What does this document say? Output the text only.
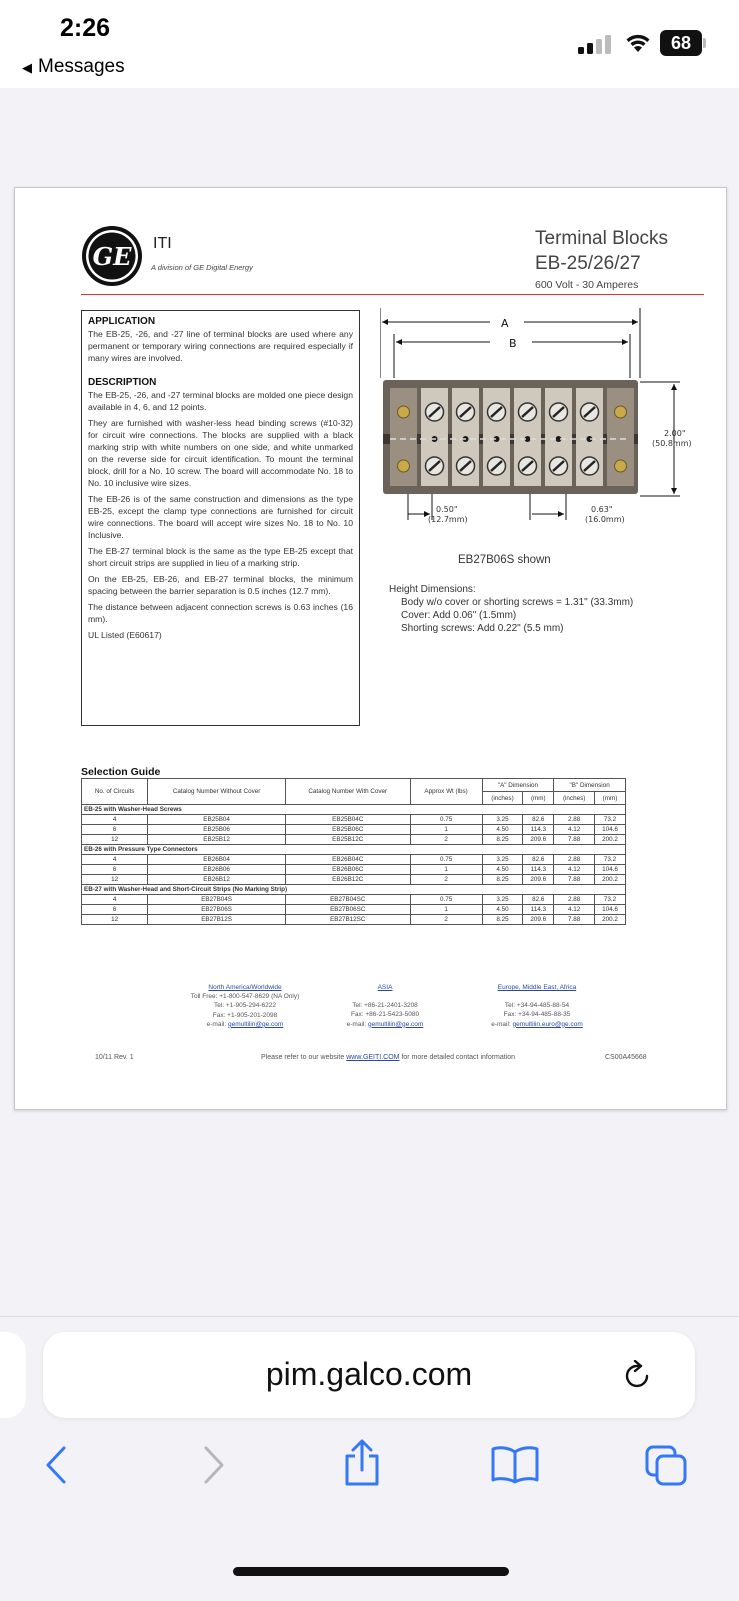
2:26
◀ Messages
68
GE ITI
A division of GE Digital Energy
Terminal Blocks
EB-25/26/27
600 Volt - 30 Amperes
APPLICATION

The EB-25, -26, and -27 line of terminal blocks are used where any permanent or temporary wiring connections are required especially if many wires are involved.

DESCRIPTION

The EB-25, -26, and -27 terminal blocks are molded one piece design available in 4, 6, and 12 points.

They are furnished with washer-less head binding screws (#10-32) for circuit wire connections. The blocks are supplied with a black marking strip with white numbers on one side, and white unmarked on the reverse side for circuit identification. To mount the terminal block, drill for a No. 10 screw. The board will accommodate No. 18 to No. 10 inclusive wire sizes.

The EB-26 is of the same construction and dimensions as the type EB-25, except the clamp type connections are furnished for circuit wire connections. The board will accept wire sizes No. 18 to No. 10 Inclusive.

The EB-27 terminal block is the same as the type EB-25 except that short circuit strips are supplied in lieu of a marking strip.

On the EB-25, EB-26, and EB-27 terminal blocks, the minimum spacing between the barrier separation is 0.5 inches (12.7 mm).

The distance between adjacent connection screws is 0.63 inches (16 mm).

UL Listed (E60617)

A
B
2.00"
(50.8mm)
0.50"
(12.7mm)
0.63"
(16.0mm)
EB27B06S shown
Height Dimensions:
Body w/o cover or shorting screws = 1.31" (33.3mm)
Cover: Add 0.06" (1.5mm)
Shorting screws: Add 0.22" (5.5 mm)
Selection Guide
No. of Circuits	Catalog Number Without Cover	Catalog Number With Cover	Approx Wt (lbs)	"A" Dimension		"B" Dimension	
				(inches)	(mm)	(inches)	(mm)
EB-25 with Washer-Head Screws							
4	EB25B04	EB25B04C	0.75	3.25	82.6	2.88	73.2
6	EB25B06	EB25B06C	1	4.50	114.3	4.12	104.6
12	EB25B12	EB25B12C	2	8.25	209.6	7.88	200.2
EB-26 with Pressure Type Connectors							
4	EB26B04	EB26B04C	0.75	3.25	82.6	2.88	73.2
6	EB26B06	EB26B06C	1	4.50	114.3	4.12	104.6
12	EB26B12	EB26B12C	2	8.25	209.6	7.88	200.2
EB-27 with Washer-Head and Short-Circuit Strips (No Marking Strip)							
4	EB27B04S	EB27B04SC	0.75	3.25	82.6	2.88	73.2
6	EB27B06S	EB27B06SC	1	4.50	114.3	4.12	104.6
12	EB27B12S	EB27B12SC	2	8.25	209.6	7.88	200.2
North America/Worldwide
Toll Free: +1-800-547-8629 (NA Only)
Tel: +1-905-294-6222
Fax: +1-905-201-2098
e-mail: gemultilin@ge.com
ASIA
Tel: +86-21-2401-3208
Fax: +86-21-5423-5080
e-mail: gemultilin@ge.com
Europe, Middle East, Africa
Tel: +34-94-485-88-54
Fax: +34-94-485-88-35
e-mail: gemultilin.euro@ge.com
10/11 Rev. 1	Please refer to our website www.GEITI.COM for more detailed contact information	CS00A45668
pim.galco.com
